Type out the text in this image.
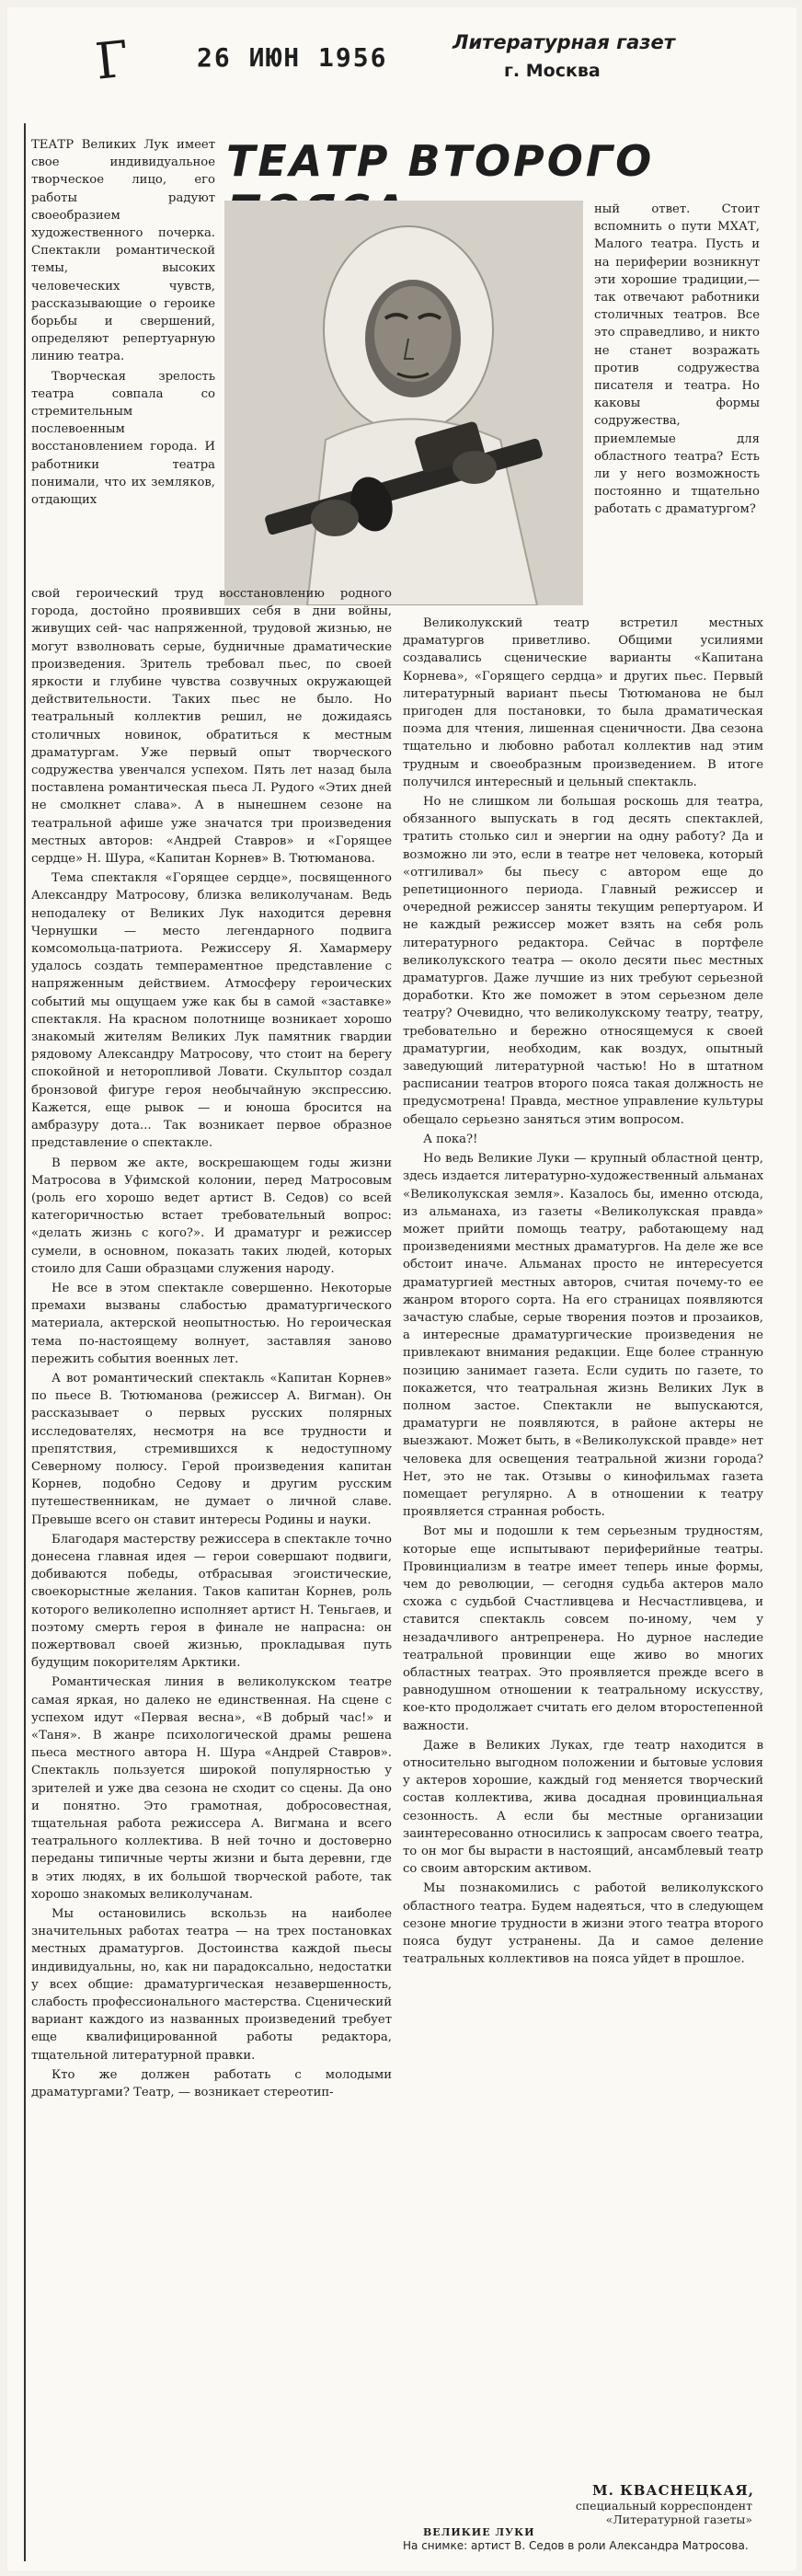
Г	26 ИЮН 1956	Литературная газет
г. Москва
ТЕАТР ВТОРОГО

ТЕАТР Великих Лук имеет свое индивидуальное творческое лицо, его работы радуют своеобразием художественного почерка. Спектакли романтической темы, высоких человеческих чувств, рассказывающие о героике борьбы и свершений, определяют репертуарную линию театра.

Творческая зрелость театра совпала со стремительным послевоенным восстановлением города. И работники театра понимали, что их земляков, отдающих

ный ответ. Стоит вспомнить о пути МХАТ, Малого театра. Пусть и на периферии возникнут эти хорошие традиции,— так отвечают работники столичных театров. Все это справедливо, и никто не станет возражать против содружества писателя и театра. Но каковы формы содружества, приемлемые для областного театра? Есть ли у него возможность постоянно и тщательно работать с драматургом?

свой героический труд восстановлению родного города, достойно проявивших себя в дни войны, живущих сей- час напряженной, трудовой жизнью, не могут взволновать серые, будничные драматические произведения. Зритель требовал пьес, по своей яркости и глубине чувства созвучных окружающей действительности. Таких пьес не было. Но театральный коллектив решил, не дожидаясь столичных новинок, обратиться к местным драматургам. Уже первый опыт творческого содружества увенчался успехом. Пять лет назад была поставлена романтическая пьеса Л. Рудого «Этих дней не смолкнет слава». А в нынешнем сезоне на театральной афише уже значатся три произведения местных авторов: «Андрей Ставров» и «Горящее сердце» Н. Шура, «Капитан Корнев» В. Тютюманова.

Тема спектакля «Горящее сердце», посвященного Александру Матросову, близка великолучанам. Ведь неподалеку от Великих Лук находится деревня Чернушки — место легендарного подвига комсомольца-патриота. Режиссеру Я. Хамармеру удалось создать темпераментное представление с напряженным действием. Атмосферу героических событий мы ощущаем уже как бы в самой «заставке» спектакля. На красном полотнище возникает хорошо знакомый жителям Великих Лук памятник гвардии рядовому Александру Матросову, что стоит на берегу спокойной и неторопливой Ловати. Скульптор создал бронзовой фигуре героя необычайную экспрессию. Кажется, еще рывок — и юноша бросится на амбразуру дота... Так возникает первое образное представление о спектакле.

В первом же акте, воскрешающем годы жизни Матросова в Уфимской колонии, перед Матросовым (роль его хорошо ведет артист В. Седов) со всей категоричностью встает требовательный вопрос: «делать жизнь с кого?». И драматург и режиссер сумели, в основном, показать таких людей, которых стоило для Саши образцами служения народу.

Не все в этом спектакле совершенно. Некоторые премахи вызваны слабостью драматургического материала, актерской неопытностью. Но героическая тема по-настоящему волнует, заставляя заново пережить события военных лет.

А вот романтический спектакль «Капитан Корнев» по пьесе В. Тютюманова (режиссер А. Вигман). Он рассказывает о первых русских полярных исследователях, несмотря на все трудности и препятствия, стремившихся к недоступному Северному полюсу. Герой произведения капитан Корнев, подобно Седову и другим русским путешественникам, не думает о личной славе. Превыше всего он ставит интересы Родины и науки.

Благодаря мастерству режиссера в спектакле точно донесена главная идея — герои совершают подвиги, добиваются победы, отбрасывая эгоистические, своекорыстные желания. Таков капитан Корнев, роль которого великолепно исполняет артист Н. Теньгаев, и поэтому смерть героя в финале не напрасна: он пожертвовал своей жизнью, прокладывая путь будущим покорителям Арктики.

Романтическая линия в великолукском театре самая яркая, но далеко не единственная. На сцене с успехом идут «Первая весна», «В добрый час!» и «Таня». В жанре психологической драмы решена пьеса местного автора Н. Шура «Андрей Ставров». Спектакль пользуется широкой популярностью у зрителей и уже два сезона не сходит со сцены. Да оно и понятно. Это грамотная, добросовестная, тщательная работа режиссера А. Вигмана и всего театрального коллектива. В ней точно и достоверно переданы типичные черты жизни и быта деревни, где в этих людях, в их большой творческой работе, так хорошо знакомых великолучанам.

Мы остановились вскользь на наиболее значительных работах театра — на трех постановках местных драматургов. Достоинства каждой пьесы индивидуальны, но, как ни парадоксально, недостатки у всех общие: драматургическая незавершенность, слабость профессионального мастерства. Сценический вариант каждого из названных произведений требует еще квалифицированной работы редактора, тщательной литературной правки.

Кто же должен работать с молодыми драматургами? Театр, — возникает стереотип-

Великолукский театр встретил местных драматургов приветливо. Общими усилиями создавались сценические варианты «Капитана Корнева», «Горящего сердца» и других пьес. Первый литературный вариант пьесы Тютюманова не был пригоден для постановки, то была драматическая поэма для чтения, лишенная сценичности. Два сезона тщательно и любовно работал коллектив над этим трудным и своеобразным произведением. В итоге получился интересный и цельный спектакль.

Но не слишком ли большая роскошь для театра, обязанного выпускать в год десять спектаклей, тратить столько сил и энергии на одну работу? Да и возможно ли это, если в театре нет человека, который «отгиливал» бы пьесу с автором еще до репетиционного периода. Главный режиссер и очередной режиссер заняты текущим репертуаром. И не каждый режиссер может взять на себя роль литературного редактора. Сейчас в портфеле великолукского театра — около десяти пьес местных драматургов. Даже лучшие из них требуют серьезной доработки. Кто же поможет в этом серьезном деле театру? Очевидно, что великолукскому театру, театру, требовательно и бережно относящемуся к своей драматургии, необходим, как воздух, опытный заведующий литературной частью! Но в штатном расписании театров второго пояса такая должность не предусмотрена! Правда, местное управление культуры обещало серьезно заняться этим вопросом.

А пока?!

Но ведь Великие Луки — крупный областной центр, здесь издается литературно-художественный альманах «Великолукская земля». Казалось бы, именно отсюда, из альманаха, из газеты «Великолукская правда» может прийти помощь театру, работающему над произведениями местных драматургов. На деле же все обстоит иначе. Альманах просто не интересуется драматургией местных авторов, считая почему-то ее жанром второго сорта. На его страницах появляются зачастую слабые, серые творения поэтов и прозаиков, а интересные драматургические произведения не привлекают внимания редакции. Еще более странную позицию занимает газета. Если судить по газете, то покажется, что театральная жизнь Великих Лук в полном застое. Спектакли не выпускаются, драматурги не появляются, в районе актеры не выезжают. Может быть, в «Великолукской правде» нет человека для освещения театральной жизни города? Нет, это не так. Отзывы о кинофильмах газета помещает регулярно. А в отношении к театру проявляется странная робость.

Вот мы и подошли к тем серьезным трудностям, которые еще испытывают периферийные театры. Провинциализм в театре имеет теперь иные формы, чем до революции, — сегодня судьба актеров мало схожа с судьбой Счастливцева и Несчастливцева, и ставится спектакль совсем по-иному, чем у незадачливого антрепренера. Но дурное наследие театральной провинции еще живо во многих областных театрах. Это проявляется прежде всего в равнодушном отношении к театральному искусству, кое-кто продолжает считать его делом второстепенной важности.

Даже в Великих Луках, где театр находится в относительно выгодном положении и бытовые условия у актеров хорошие, каждый год меняется творческий состав коллектива, жива досадная провинциальная сезонность. А если бы местные организации заинтересованно относились к запросам своего театра, то он мог бы вырасти в настоящий, ансамблевый театр со своим авторским активом.

Мы познакомились с работой великолукского областного театра. Будем надеяться, что в следующем сезоне многие трудности в жизни этого театра второго пояса будут устранены. Да и самое деление театральных коллективов на пояса уйдет в прошлое.

М. КВАСНЕЦКАЯ,
специальный корреспондент
«Литературной газеты»
ВЕЛИКИЕ ЛУКИ
На снимке: артист В. Седов в роли Александра Матросова.
